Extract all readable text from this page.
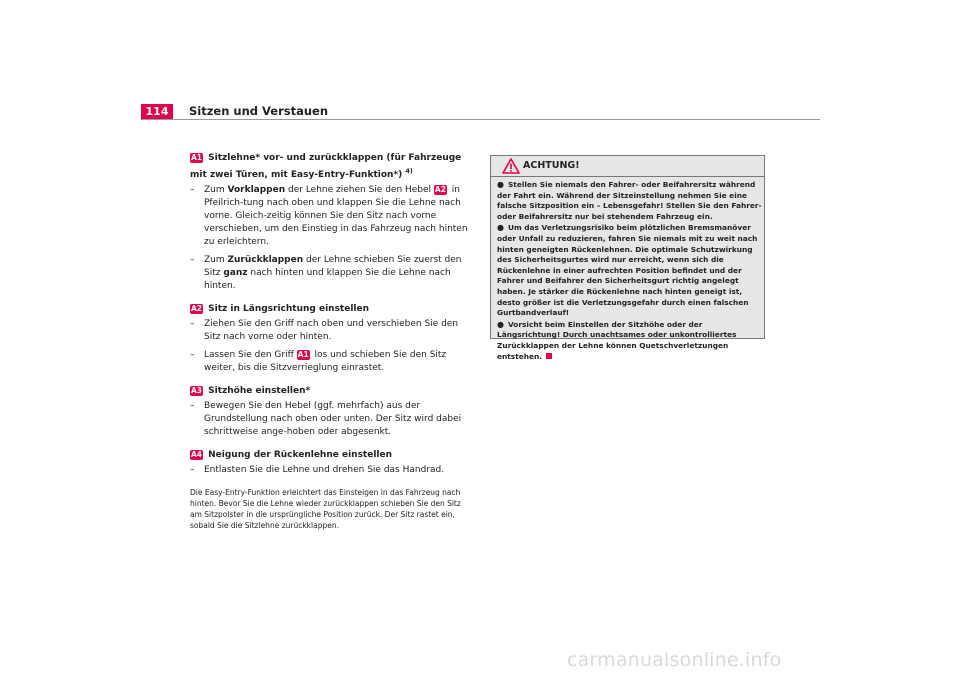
114	Sitzen und Verstauen
A1 Sitzlehne* vor- und zurückklappen (für Fahrzeuge mit zwei Türen, mit Easy-Entry-Funktion*) $^{4)}$
– Zum Vorklappen der Lehne ziehen Sie den Hebel A2 in Pfeilrich-tung nach oben und klappen Sie die Lehne nach vorne. Gleich-zeitig können Sie den Sitz nach vorne verschieben, um den Einstieg in das Fahrzeug nach hinten zu erleichtern.
– Zum Zurückklappen der Lehne schieben Sie zuerst den Sitz ganz nach hinten und klappen Sie die Lehne nach hinten.
A2 Sitz in Längsrichtung einstellen
– Ziehen Sie den Griff nach oben und verschieben Sie den Sitz nach vorne oder hinten.
– Lassen Sie den Griff A1 los und schieben Sie den Sitz weiter, bis die Sitzverrieglung einrastet.
A3 Sitzhöhe einstellen*
– Bewegen Sie den Hebel (ggf. mehrfach) aus der Grundstellung nach oben oder unten. Der Sitz wird dabei schrittweise ange-hoben oder abgesenkt.
A4 Neigung der Rückenlehne einstellen
– Entlasten Sie die Lehne und drehen Sie das Handrad.
Die Easy-Entry-Funktion erleichtert das Einsteigen in das Fahrzeug nach hinten. Bevor Sie die Lehne wieder zurückklappen schieben Sie den Sitz am Sitzpolster in die ursprüngliche Position zurück. Der Sitz rastet ein, sobald Sie die Sitzlehne zurückklappen.
ACHTUNG!
● Stellen Sie niemals den Fahrer- oder Beifahrersitz während der Fahrt ein. Während der Sitzeinstellung nehmen Sie eine falsche Sitzposition ein – Lebensgefahr! Stellen Sie den Fahrer- oder Beifahrersitz nur bei stehendem Fahrzeug ein.
● Um das Verletzungsrisiko beim plötzlichen Bremsmanöver oder Unfall zu reduzieren, fahren Sie niemals mit zu weit nach hinten geneigten Rückenlehnen. Die optimale Schutzwirkung des Sicherheitsgurtes wird nur erreicht, wenn sich die Rückenlehne in einer aufrechten Position befindet und der Fahrer und Beifahrer den Sicherheitsgurt richtig angelegt haben. Je stärker die Rückenlehne nach hinten geneigt ist, desto größer ist die Verletzungsgefahr durch einen falschen Gurtbandverlauf!
● Vorsicht beim Einstellen der Sitzhöhe oder der Längsrichtung! Durch unachtsames oder unkontrolliertes Zurückklappen der Lehne können Quetschverletzungen entstehen.
carmanualsonline.info
